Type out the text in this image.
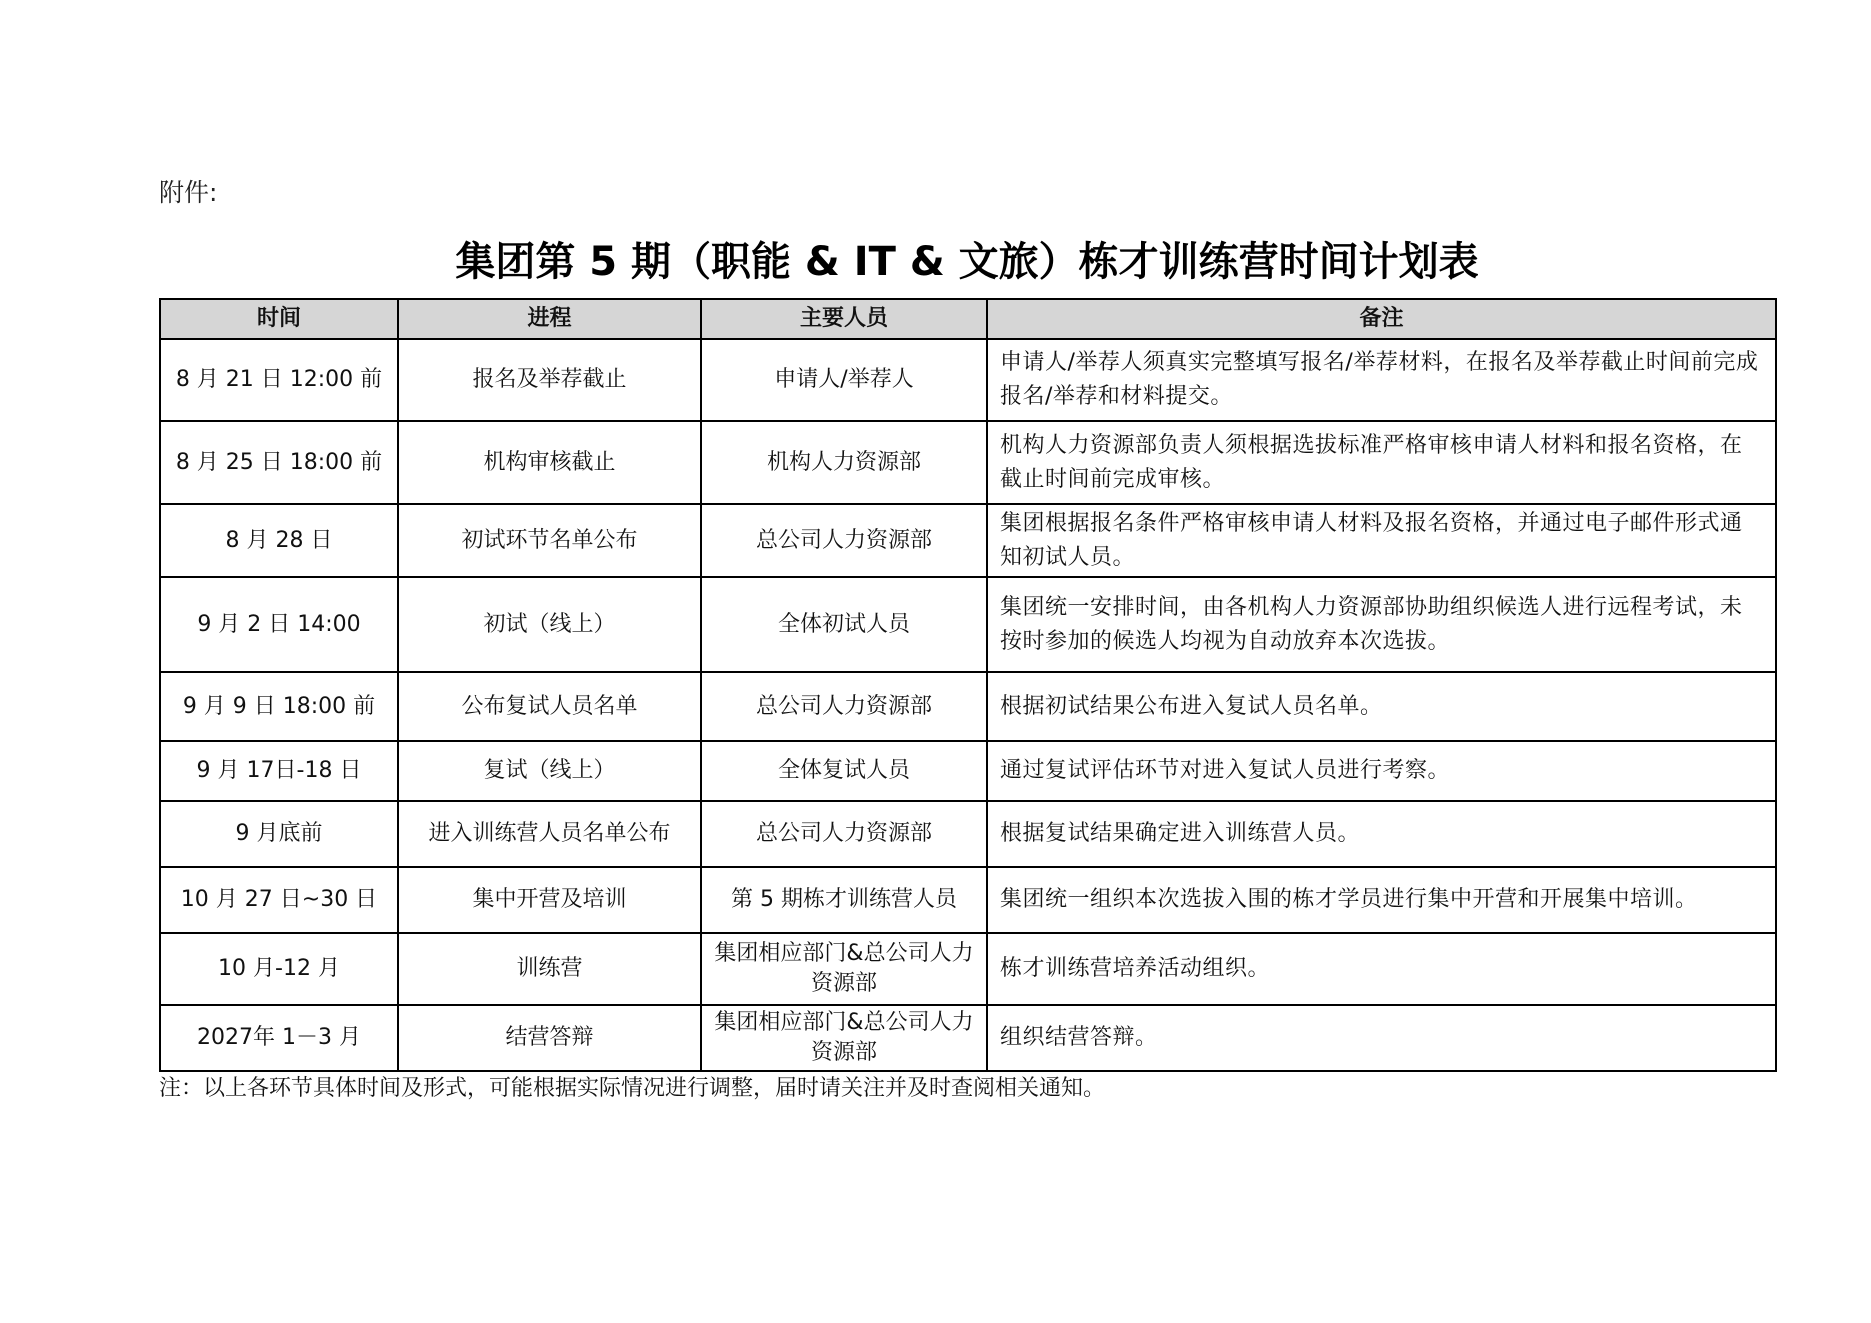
附件:
集团第 5 期（职能 & IT & 文旅）栋才训练营时间计划表
时间	进程	主要人员	备注
8 月 21 日 12:00 前	报名及举荐截止	申请人/举荐人	申请人/举荐人须真实完整填写报名/举荐材料，在报名及举荐截止时间前完成报名/举荐和材料提交。
8 月 25 日 18:00 前	机构审核截止	机构人力资源部	机构人力资源部负责人须根据选拔标准严格审核申请人材料和报名资格，在截止时间前完成审核。
8 月 28 日	初试环节名单公布	总公司人力资源部	集团根据报名条件严格审核申请人材料及报名资格，并通过电子邮件形式通知初试人员。
9 月 2 日 14:00	初试（线上）	全体初试人员	集团统一安排时间，由各机构人力资源部协助组织候选人进行远程考试，未按时参加的候选人均视为自动放弃本次选拔。
9 月 9 日 18:00 前	公布复试人员名单	总公司人力资源部	根据初试结果公布进入复试人员名单。
9 月 17日-18 日	复试（线上）	全体复试人员	通过复试评估环节对进入复试人员进行考察。
9 月底前	进入训练营人员名单公布	总公司人力资源部	根据复试结果确定进入训练营人员。
10 月 27 日~30 日	集中开营及培训	第 5 期栋才训练营人员	集团统一组织本次选拔入围的栋才学员进行集中开营和开展集中培训。
10 月-12 月	训练营	集团相应部门&总公司人力资源部	栋才训练营培养活动组织。
2027年 1－3 月	结营答辩	集团相应部门&总公司人力资源部	组织结营答辩。
注：以上各环节具体时间及形式，可能根据实际情况进行调整，届时请关注并及时查阅相关通知。
